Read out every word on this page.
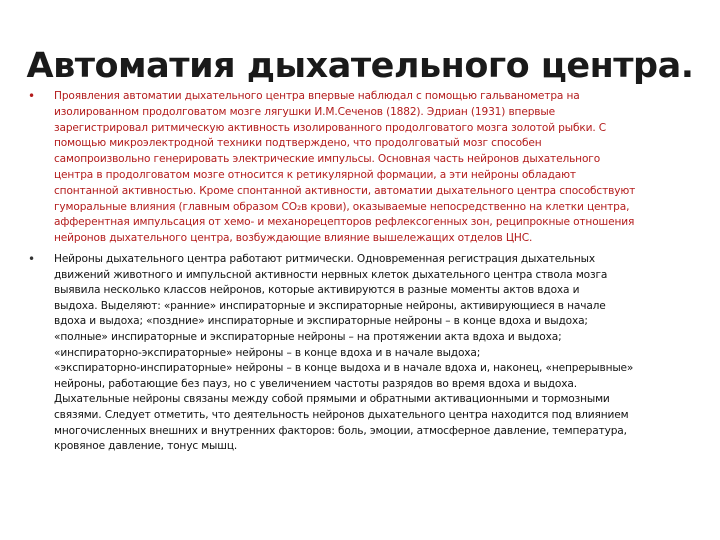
Автоматия дыхательного центра.
• Проявления автоматии дыхательного центра впервые наблюдал с помощью гальванометра на
изолированном продолговатом мозге лягушки И.М.Сеченов (1882). Эдриан (1931) впервые
зарегистрировал ритмическую активность изолированного продолговатого мозга золотой рыбки. С
помощью микроэлектродной техники подтверждено, что продолговатый мозг способен
самопроизвольно генерировать электрические импульсы. Основная часть нейронов дыхательного
центра в продолговатом мозге относится к ретикулярной формации, а эти нейроны обладают
спонтанной активностью. Кроме спонтанной активности, автоматии дыхательного центра способствуют
гуморальные влияния (главным образом СО₂в крови), оказываемые непосредственно на клетки центра,
афферентная импульсация от хемо- и механорецепторов рефлексогенных зон, реципрокные отношения
нейронов дыхательного центра, возбуждающие влияние вышележащих отделов ЦНС.
• Нейроны дыхательного центра работают ритмически. Одновременная регистрация дыхательных
движений животного и импульсной активности нервных клеток дыхательного центра ствола мозга
выявила несколько классов нейронов, которые активируются в разные моменты актов вдоха и
выдоха. Выделяют: «ранние» инспираторные и экспираторные нейроны, активирующиеся в начале
вдоха и выдоха; «поздние» инспираторные и экспираторные нейроны – в конце вдоха и выдоха;
«полные» инспираторные и экспираторные нейроны – на протяжении акта вдоха и выдоха;
«инспираторно-экспираторные» нейроны – в конце вдоха и в начале выдоха;
«экспираторно-инспираторные» нейроны – в конце выдоха и в начале вдоха и, наконец, «непрерывные»
нейроны, работающие без пауз, но с увеличением частоты разрядов во время вдоха и выдоха.
Дыхательные нейроны связаны между собой прямыми и обратными активационными и тормозными
связями. Следует отметить, что деятельность нейронов дыхательного центра находится под влиянием
многочисленных внешних и внутренних факторов: боль, эмоции, атмосферное давление, температура,
кровяное давление, тонус мышц.
